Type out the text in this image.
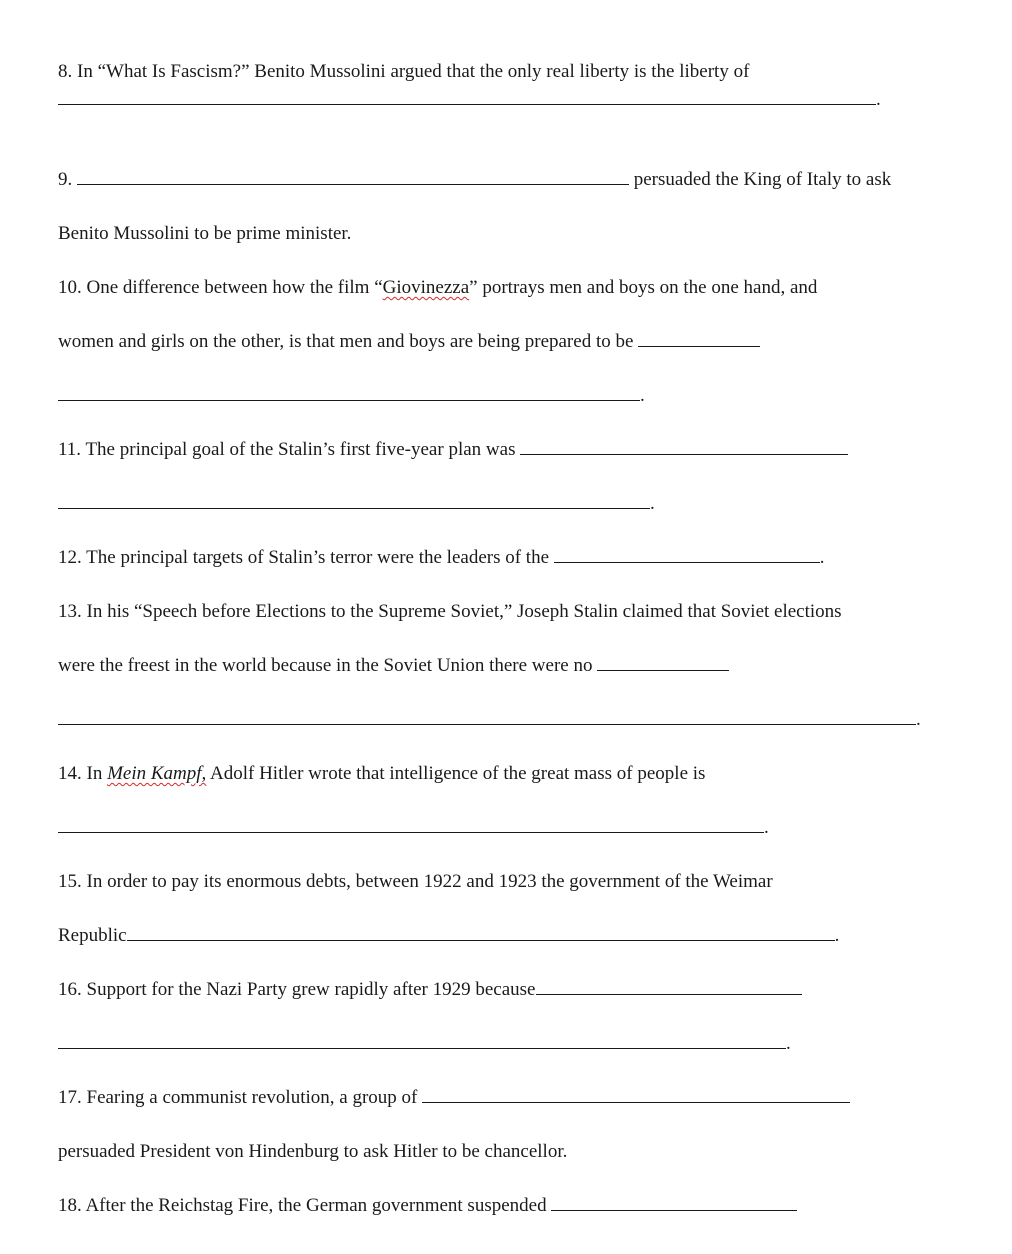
8. In “What Is Fascism?” Benito Mussolini argued that the only real liberty is the liberty of
.
9.	persuaded the King of Italy to ask
Benito Mussolini to be prime minister.
10. One difference between how the film “Giovinezza” portrays men and boys on the one hand, and
women and girls on the other, is that men and boys are being prepared to be
.
11. The principal goal of the Stalin’s first five-year plan was
.
12. The principal targets of Stalin’s terror were the leaders of the	.
13. In his “Speech before Elections to the Supreme Soviet,” Joseph Stalin claimed that Soviet elections
were the freest in the world because in the Soviet Union there were no
.
14. In Mein Kampf, Adolf Hitler wrote that intelligence of the great mass of people is
.
15. In order to pay its enormous debts, between 1922 and 1923 the government of the Weimar
Republic	.
16. Support for the Nazi Party grew rapidly after 1929 because
.
17. Fearing a communist revolution, a group of
persuaded President von Hindenburg to ask Hitler to be chancellor.
18. After the Reichstag Fire, the German government suspended
